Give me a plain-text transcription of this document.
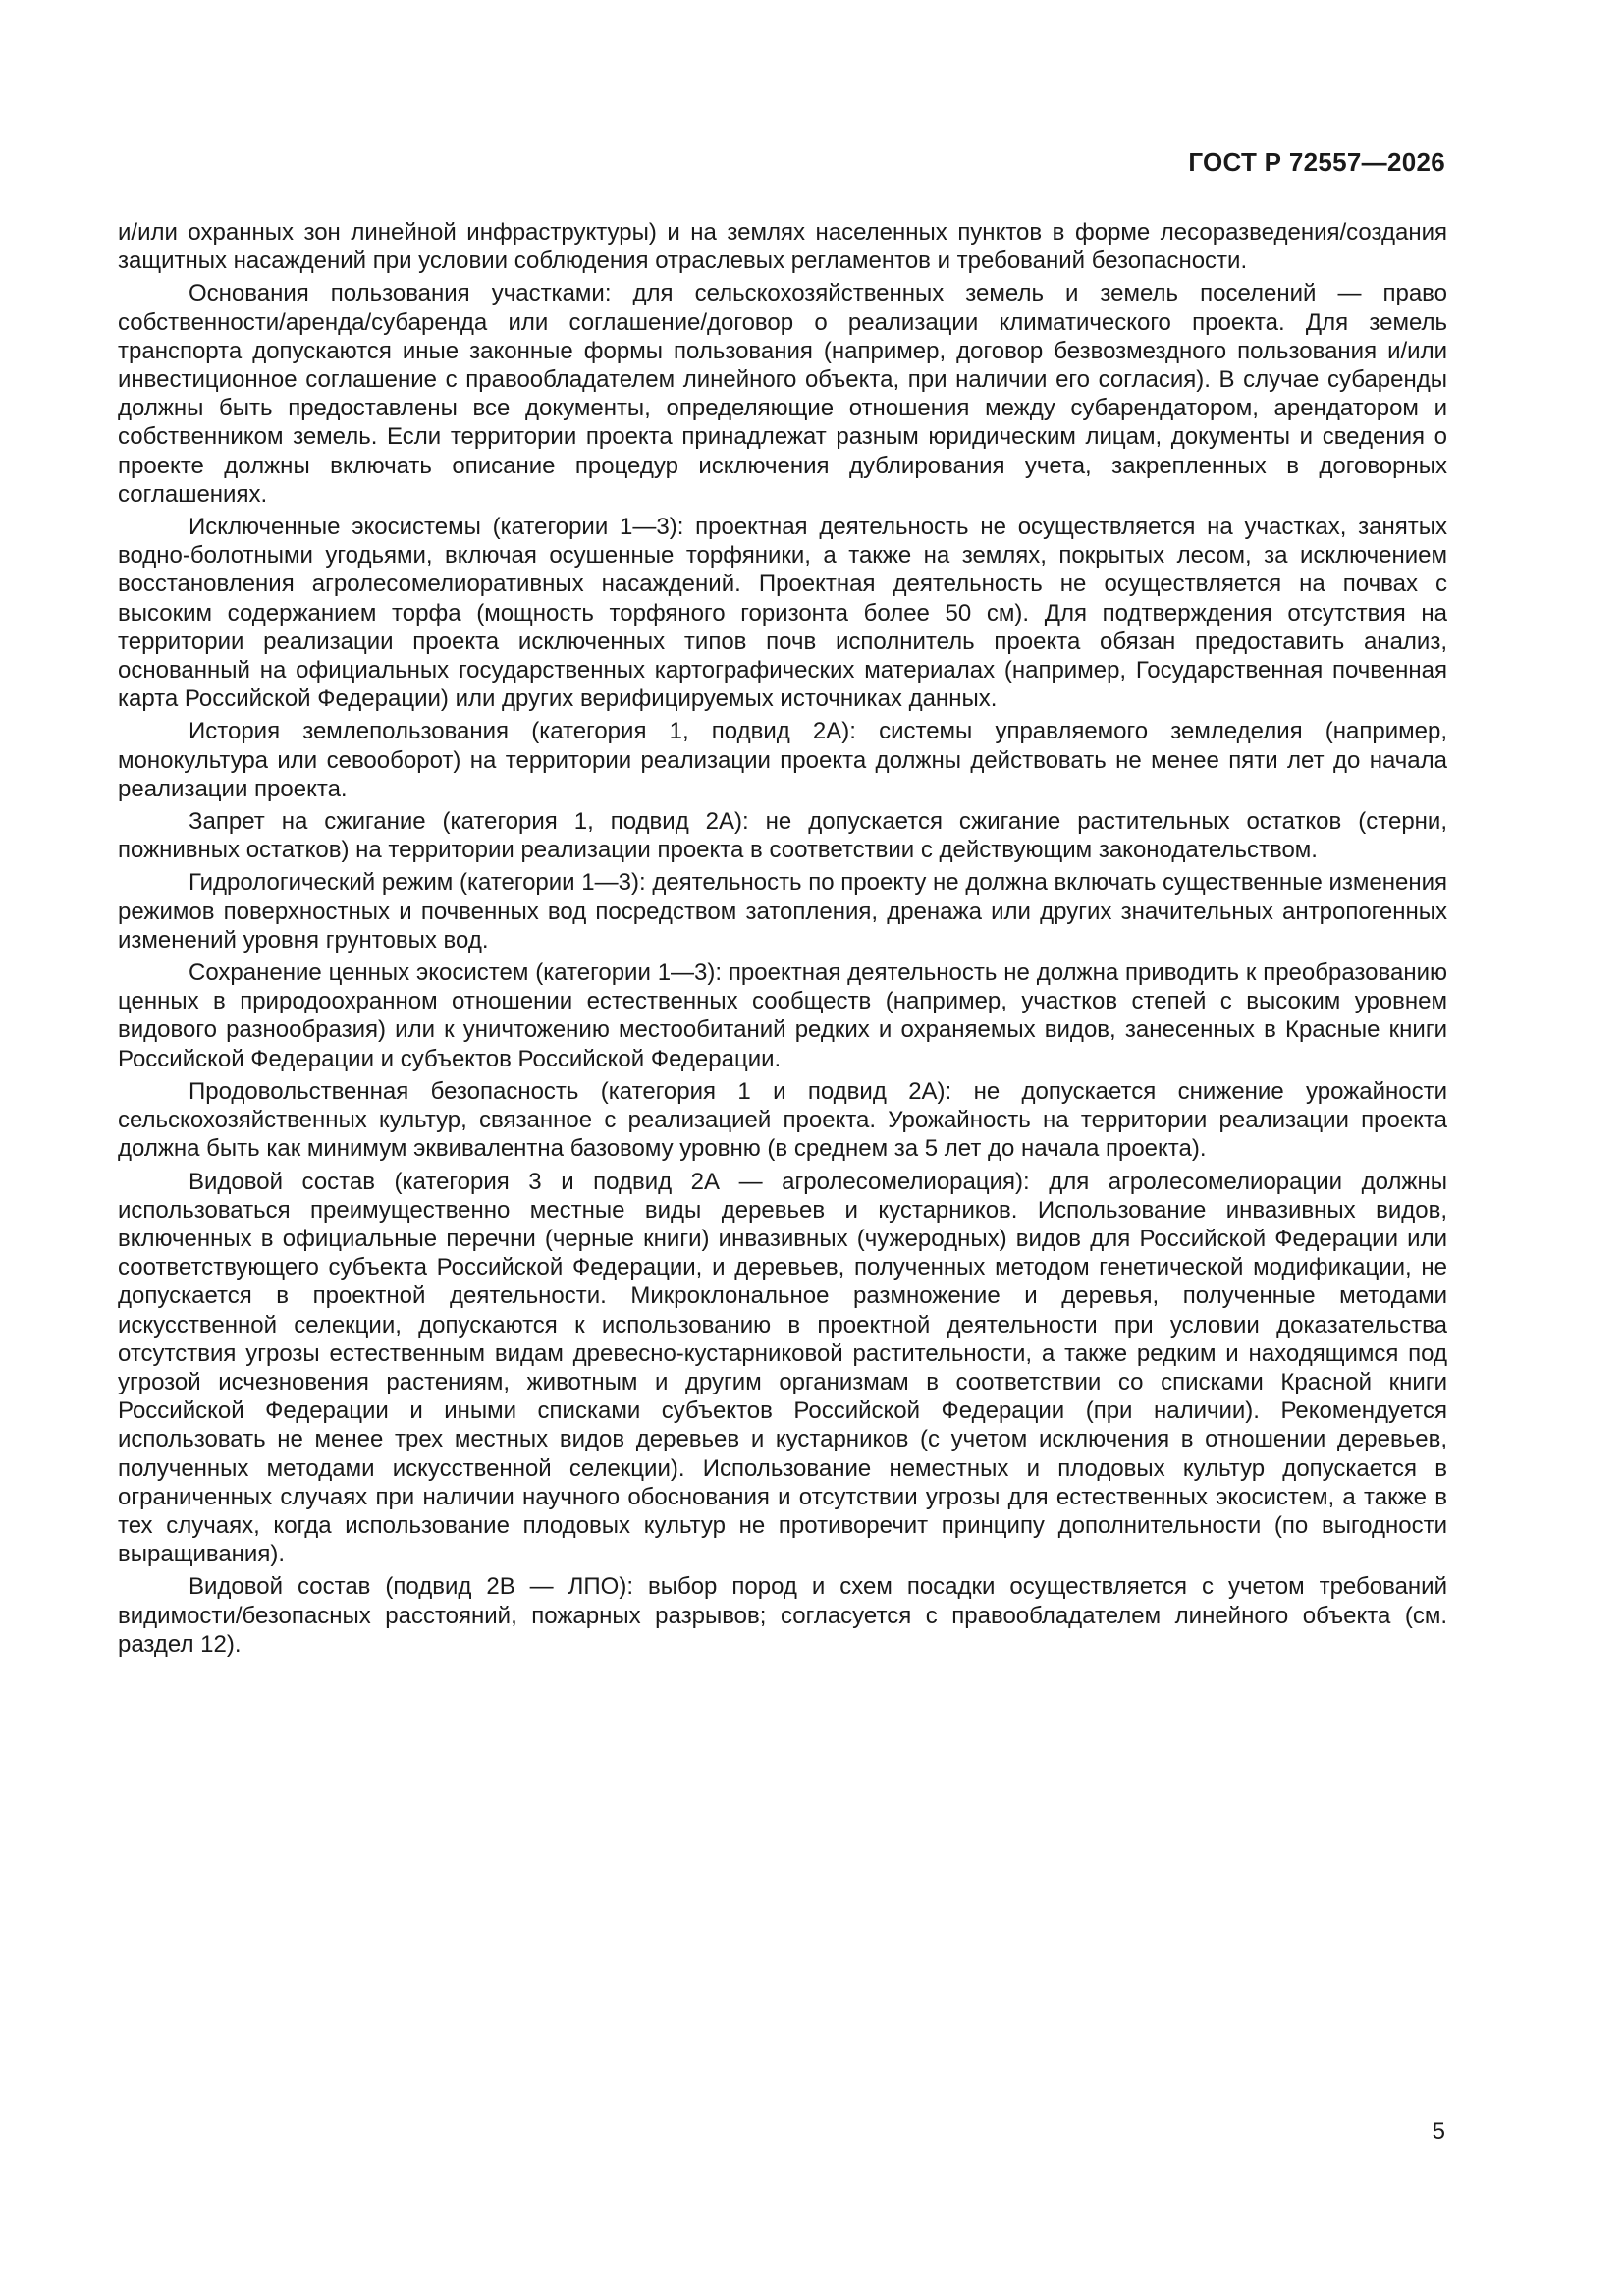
ГОСТ Р 72557—2026

и/или охранных зон линейной инфраструктуры) и на землях населенных пунктов в форме лесоразведения/создания защитных насаждений при условии соблюдения отраслевых регламентов и требований безопасности.

Основания пользования участками: для сельскохозяйственных земель и земель поселений — право собственности/аренда/субаренда или соглашение/договор о реализации климатического проекта. Для земель транспорта допускаются иные законные формы пользования (например, договор безвозмездного пользования и/или инвестиционное соглашение с правообладателем линейного объекта, при наличии его согласия). В случае субаренды должны быть предоставлены все документы, определяющие отношения между субарендатором, арендатором и собственником земель. Если территории проекта принадлежат разным юридическим лицам, документы и сведения о проекте должны включать описание процедур исключения дублирования учета, закрепленных в договорных соглашениях.

Исключенные экосистемы (категории 1—3): проектная деятельность не осуществляется на участках, занятых водно-болотными угодьями, включая осушенные торфяники, а также на землях, покрытых лесом, за исключением восстановления агролесомелиоративных насаждений. Проектная деятельность не осуществляется на почвах с высоким содержанием торфа (мощность торфяного горизонта более 50 см). Для подтверждения отсутствия на территории реализации проекта исключенных типов почв исполнитель проекта обязан предоставить анализ, основанный на официальных государственных картографических материалах (например, Государственная почвенная карта Российской Федерации) или других верифицируемых источниках данных.

История землепользования (категория 1, подвид 2А): системы управляемого земледелия (например, монокультура или севооборот) на территории реализации проекта должны действовать не менее пяти лет до начала реализации проекта.

Запрет на сжигание (категория 1, подвид 2А): не допускается сжигание растительных остатков (стерни, пожнивных остатков) на территории реализации проекта в соответствии с действующим законодательством.

Гидрологический режим (категории 1—3): деятельность по проекту не должна включать существенные изменения режимов поверхностных и почвенных вод посредством затопления, дренажа или других значительных антропогенных изменений уровня грунтовых вод.

Сохранение ценных экосистем (категории 1—3): проектная деятельность не должна приводить к преобразованию ценных в природоохранном отношении естественных сообществ (например, участков степей с высоким уровнем видового разнообразия) или к уничтожению местообитаний редких и охраняемых видов, занесенных в Красные книги Российской Федерации и субъектов Российской Федерации.

Продовольственная безопасность (категория 1 и подвид 2А): не допускается снижение урожайности сельскохозяйственных культур, связанное с реализацией проекта. Урожайность на территории реализации проекта должна быть как минимум эквивалентна базовому уровню (в среднем за 5 лет до начала проекта).

Видовой состав (категория 3 и подвид 2А — агролесомелиорация): для агролесомелиорации должны использоваться преимущественно местные виды деревьев и кустарников. Использование инвазивных видов, включенных в официальные перечни (черные книги) инвазивных (чужеродных) видов для Российской Федерации или соответствующего субъекта Российской Федерации, и деревьев, полученных методом генетической модификации, не допускается в проектной деятельности. Микроклональное размножение и деревья, полученные методами искусственной селекции, допускаются к использованию в проектной деятельности при условии доказательства отсутствия угрозы естественным видам древесно-кустарниковой растительности, а также редким и находящимся под угрозой исчезновения растениям, животным и другим организмам в соответствии со списками Красной книги Российской Федерации и иными списками субъектов Российской Федерации (при наличии). Рекомендуется использовать не менее трех местных видов деревьев и кустарников (с учетом исключения в отношении деревьев, полученных методами искусственной селекции). Использование неместных и плодовых культур допускается в ограниченных случаях при наличии научного обоснования и отсутствии угрозы для естественных экосистем, а также в тех случаях, когда использование плодовых культур не противоречит принципу дополнительности (по выгодности выращивания).

Видовой состав (подвид 2В — ЛПО): выбор пород и схем посадки осуществляется с учетом требований видимости/безопасных расстояний, пожарных разрывов; согласуется с правообладателем линейного объекта (см. раздел 12).

5
